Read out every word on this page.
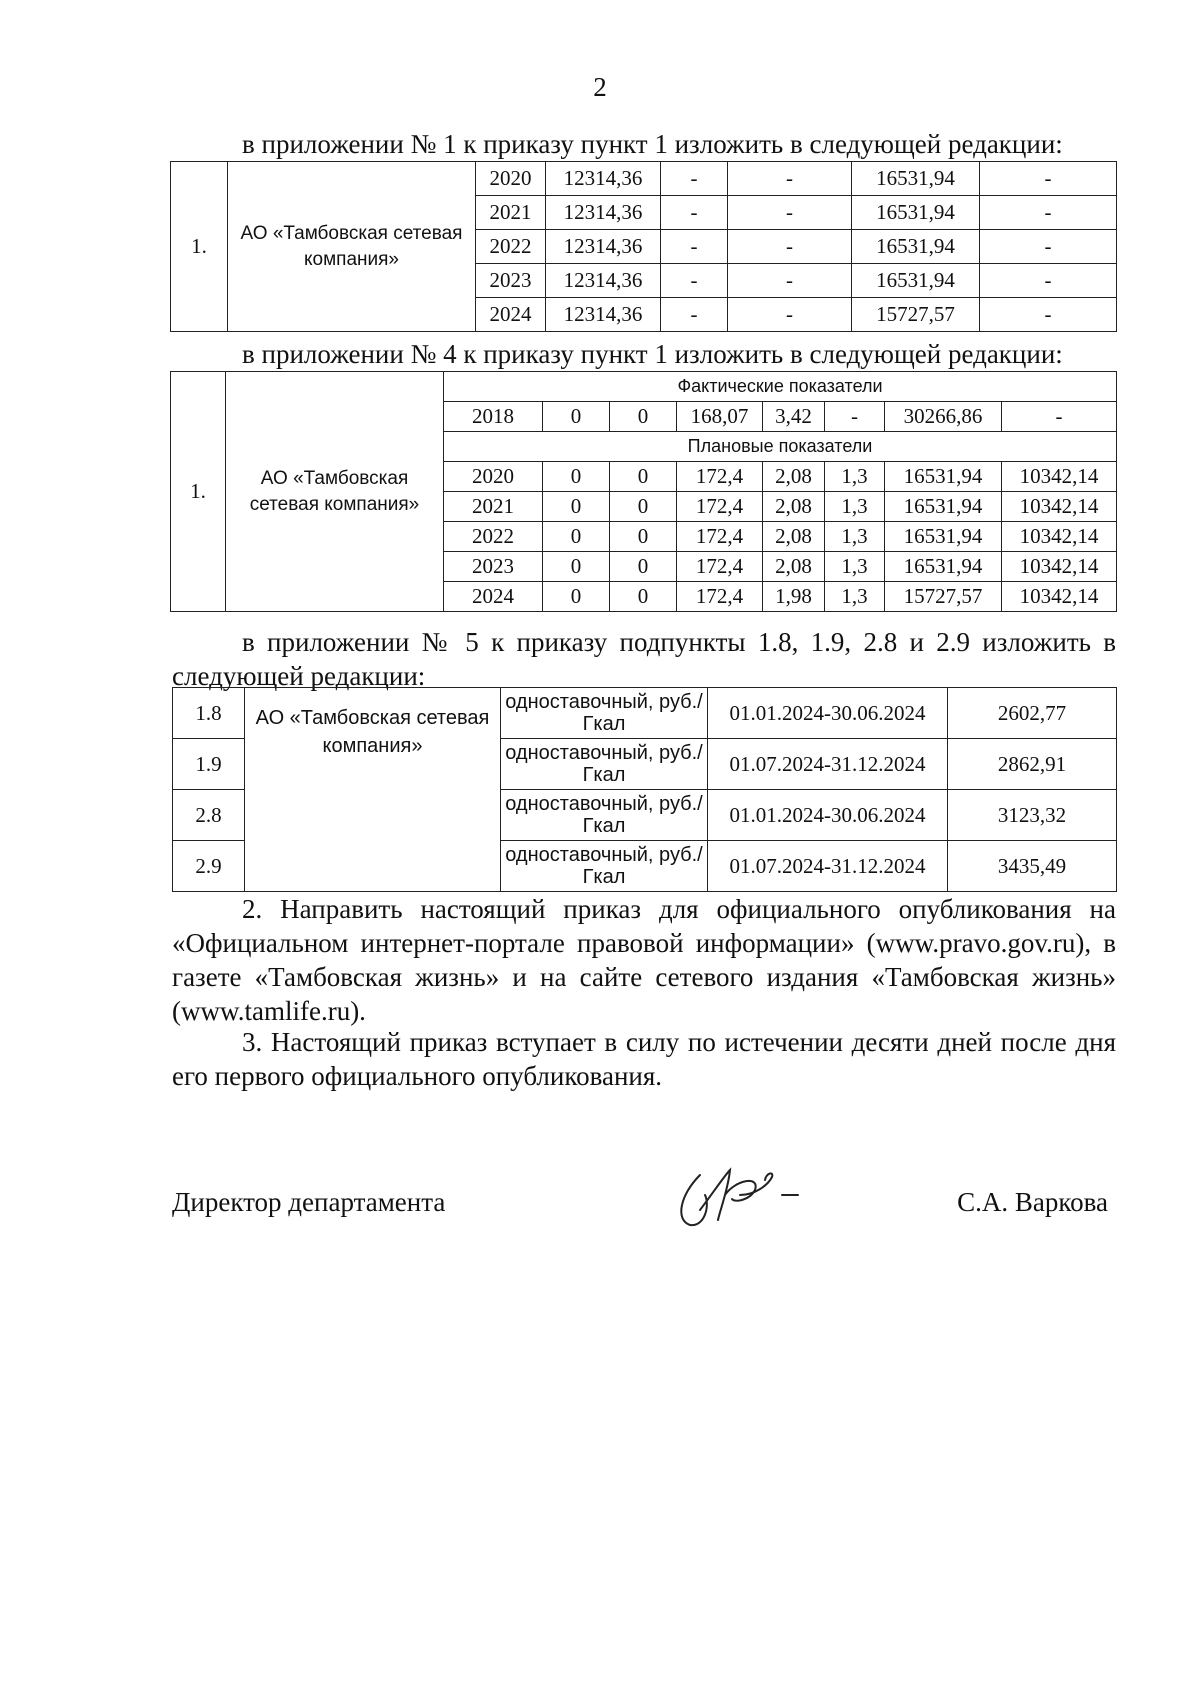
2
в приложении № 1 к приказу пункт 1 изложить в следующей редакции:
1.	АО «Тамбовская сетевая компания»	2020	12314,36	-	-	16531,94	-
		2021	12314,36	-	-	16531,94	-
		2022	12314,36	-	-	16531,94	-
		2023	12314,36	-	-	16531,94	-
		2024	12314,36	-	-	15727,57	-
в приложении № 4 к приказу пункт 1 изложить в следующей редакции:
1.	АО «Тамбовская сетевая компания»	Фактические показатели							
		2018	0	0	168,07	3,42	-	30266,86	-
		Плановые показатели							
		2020	0	0	172,4	2,08	1,3	16531,94	10342,14
		2021	0	0	172,4	2,08	1,3	16531,94	10342,14
		2022	0	0	172,4	2,08	1,3	16531,94	10342,14
		2023	0	0	172,4	2,08	1,3	16531,94	10342,14
		2024	0	0	172,4	1,98	1,3	15727,57	10342,14
в приложении № 5 к приказу подпункты 1.8, 1.9, 2.8 и 2.9 изложить в
следующей редакции:
1.8	АО «Тамбовская сетевая компания»	одноставочный, руб./Гкал	01.01.2024-30.06.2024	2602,77
1.9		одноставочный, руб./Гкал	01.07.2024-31.12.2024	2862,91
2.8		одноставочный, руб./Гкал	01.01.2024-30.06.2024	3123,32
2.9		одноставочный, руб./Гкал	01.07.2024-31.12.2024	3435,49
2. Направить настоящий приказ для официального опубликования на «Официальном интернет-портале правовой информации» (www.pravo.gov.ru), в газете «Тамбовская жизнь» и на сайте сетевого издания «Тамбовская жизнь» (www.tamlife.ru).
3. Настоящий приказ вступает в силу по истечении десяти дней после дня его первого официального опубликования.
Директор департамента	С.А. Варкова
